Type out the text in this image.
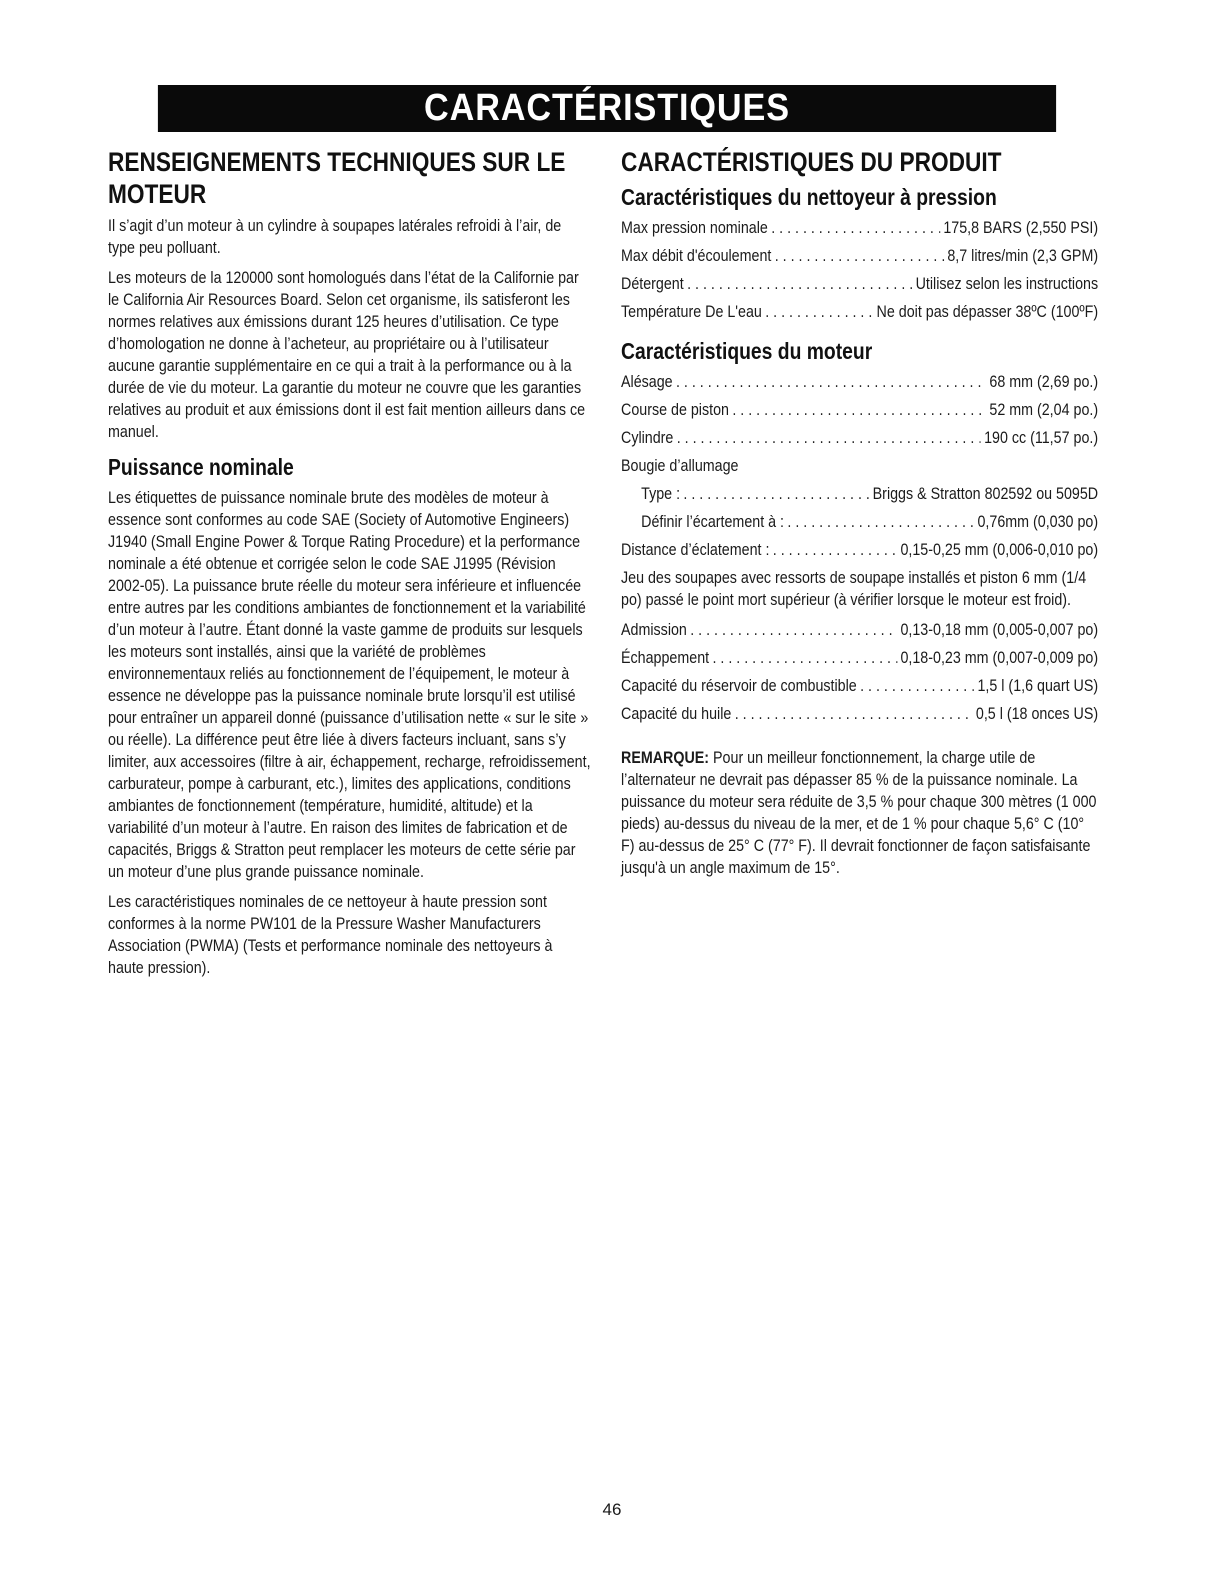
CARACTÉRISTIQUES
RENSEIGNEMENTS TECHNIQUES SUR LE MOTEUR

Il s’agit d’un moteur à un cylindre à soupapes latérales refroidi à l’air, de type peu polluant.

Les moteurs de la 120000 sont homologués dans l’état de la Californie par le California Air Resources Board. Selon cet organisme, ils satisferont les normes relatives aux émissions durant 125 heures d’utilisation. Ce type d’homologation ne donne à l’acheteur, au propriétaire ou à l’utilisateur aucune garantie supplémentaire en ce qui a trait à la performance ou à la durée de vie du moteur. La garantie du moteur ne couvre que les garanties relatives au produit et aux émissions dont il est fait mention ailleurs dans ce manuel.

Puissance nominale

Les étiquettes de puissance nominale brute des modèles de moteur à essence sont conformes au code SAE (Society of Automotive Engineers) J1940 (Small Engine Power & Torque Rating Procedure) et la performance nominale a été obtenue et corrigée selon le code SAE J1995 (Révision 2002-05). La puissance brute réelle du moteur sera inférieure et influencée entre autres par les conditions ambiantes de fonctionnement et la variabilité d’un moteur à l’autre. Étant donné la vaste gamme de produits sur lesquels les moteurs sont installés, ainsi que la variété de problèmes environnementaux reliés au fonctionnement de l’équipement, le moteur à essence ne développe pas la puissance nominale brute lorsqu’il est utilisé pour entraîner un appareil donné (puissance d’utilisation nette « sur le site » ou réelle). La différence peut être liée à divers facteurs incluant, sans s’y limiter, aux accessoires (filtre à air, échappement, recharge, refroidissement, carburateur, pompe à carburant, etc.), limites des applications, conditions ambiantes de fonctionnement (température, humidité, altitude) et la variabilité d’un moteur à l’autre. En raison des limites de fabrication et de capacités, Briggs & Stratton peut remplacer les moteurs de cette série par un moteur d’une plus grande puissance nominale.

Les caractéristiques nominales de ce nettoyeur à haute pression sont conformes à la norme PW101 de la Pressure Washer Manufacturers Association (PWMA) (Tests et performance nominale des nettoyeurs à haute pression).

CARACTÉRISTIQUES DU PRODUIT
Caractéristiques du nettoyeur à pression
Max pression nominale . . .	175,8 BARS (2,550 PSI)
Max débit d'écoulement . . .	8,7 litres/min (2,3 GPM)
Détergent . . .	Utilisez selon les instructions
Température De L'eau . . .	Ne doit pas dépasser 38ºC (100ºF)
Caractéristiques du moteur
Alésage . . .	68 mm (2,69 po.)
Course de piston . . .	52 mm (2,04 po.)
Cylindre . . .	190 cc (11,57 po.)
Bougie d’allumage
Type : . . .	Briggs & Stratton 802592 ou 5095D
Définir l’écartement à : . . .	0,76mm (0,030 po)
Distance d’éclatement : . . .	0,15-0,25 mm (0,006-0,010 po)

Jeu des soupapes avec ressorts de soupape installés et piston 6 mm (1/4 po) passé le point mort supérieur (à vérifier lorsque le moteur est froid).

Admission . . .	0,13-0,18 mm (0,005-0,007 po)
Échappement . . .	0,18-0,23 mm (0,007-0,009 po)
Capacité du réservoir de combustible . . .	1,5 l (1,6 quart US)
Capacité du huile . . .	0,5 l (18 onces US)

REMARQUE: Pour un meilleur fonctionnement, la charge utile de l’alternateur ne devrait pas dépasser 85 % de la puissance nominale. La puissance du moteur sera réduite de 3,5 % pour chaque 300 mètres (1 000 pieds) au-dessus du niveau de la mer, et de 1 % pour chaque 5,6° C (10° F) au-dessus de 25° C (77° F). Il devrait fonctionner de façon satisfaisante jusqu'à un angle maximum de 15°.

46
